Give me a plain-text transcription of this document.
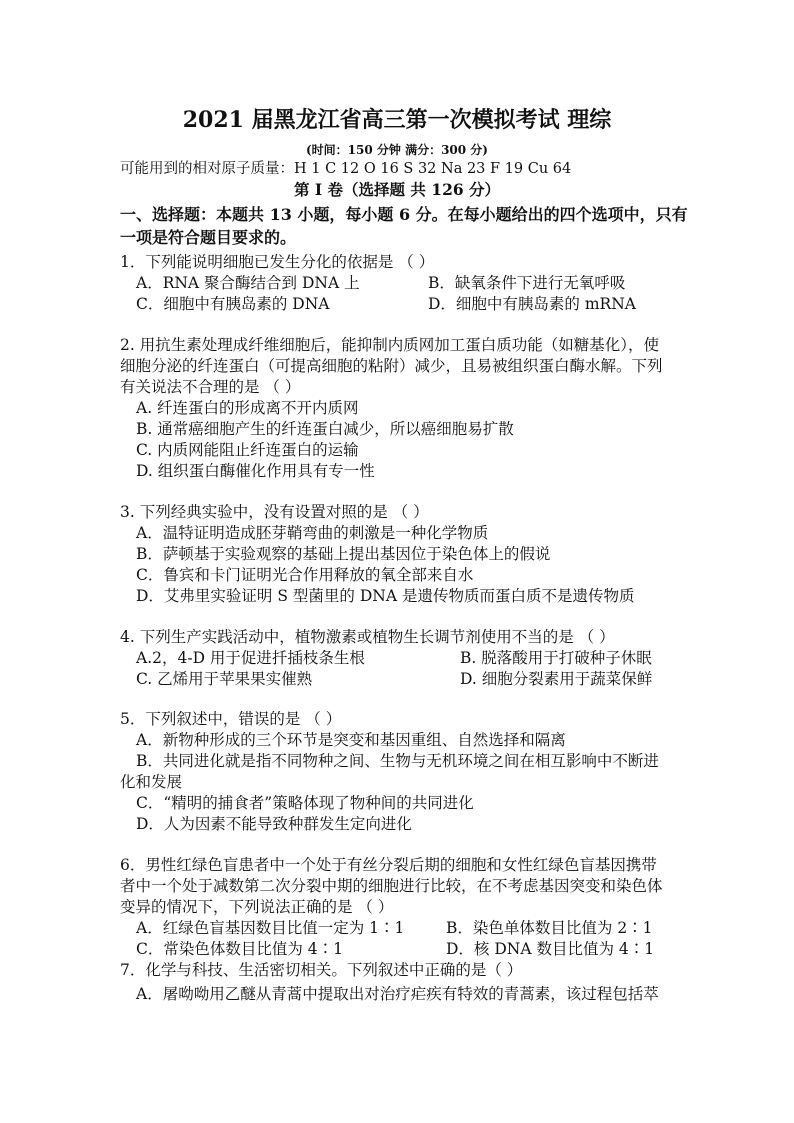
2021 届黑龙江省高三第一次模拟考试 理综
(时间：150 分钟 满分：300 分)
可能用到的相对原子质量：H 1 C 12 O 16 S 32 Na 23 F 19 Cu 64
第 I 卷（选择题 共 126 分）
一、选择题：本题共 13 小题，每小题 6 分。在每小题给出的四个选项中，只有
一项是符合题目要求的。
1．下列能说明细胞已发生分化的依据是 （ ）
A．RNA 聚合酶结合到 DNA 上	B．缺氧条件下进行无氧呼吸
C．细胞中有胰岛素的 DNA	D．细胞中有胰岛素的 mRNA
2. 用抗生素处理成纤维细胞后，能抑制内质网加工蛋白质功能（如糖基化），使
细胞分泌的纤连蛋白（可提高细胞的粘附）减少，且易被组织蛋白酶水解。下列
有关说法不合理的是 （ ）
A. 纤连蛋白的形成离不开内质网
B. 通常癌细胞产生的纤连蛋白减少，所以癌细胞易扩散
C. 内质网能阻止纤连蛋白的运输
D. 组织蛋白酶催化作用具有专一性
3. 下列经典实验中，没有设置对照的是 （ ）
A．温特证明造成胚芽鞘弯曲的刺激是一种化学物质
B．萨顿基于实验观察的基础上提出基因位于染色体上的假说
C．鲁宾和卡门证明光合作用释放的氧全部来自水
D．艾弗里实验证明 S 型菌里的 DNA 是遗传物质而蛋白质不是遗传物质
4. 下列生产实践活动中，植物激素或植物生长调节剂使用不当的是 （ ）
A.2，4-D 用于促进扦插枝条生根	B. 脱落酸用于打破种子休眠
C. 乙烯用于苹果果实催熟	D. 细胞分裂素用于蔬菜保鲜
5．下列叙述中，错误的是 （ ）
A．新物种形成的三个环节是突变和基因重组、自然选择和隔离
B．共同进化就是指不同物种之间、生物与无机环境之间在相互影响中不断进
化和发展
C．“精明的捕食者”策略体现了物种间的共同进化
D．人为因素不能导致种群发生定向进化
6．男性红绿色盲患者中一个处于有丝分裂后期的细胞和女性红绿色盲基因携带
者中一个处于减数第二次分裂中期的细胞进行比较，在不考虑基因突变和染色体
变异的情况下，下列说法正确的是 （ ）
A．红绿色盲基因数目比值一定为 1∶1	B．染色单体数目比值为 2∶1
C．常染色体数目比值为 4∶1	D．核 DNA 数目比值为 4∶1
7．化学与科技、生活密切相关。下列叙述中正确的是（ ）
A．屠呦呦用乙醚从青蒿中提取出对治疗疟疾有特效的青蒿素，该过程包括萃
